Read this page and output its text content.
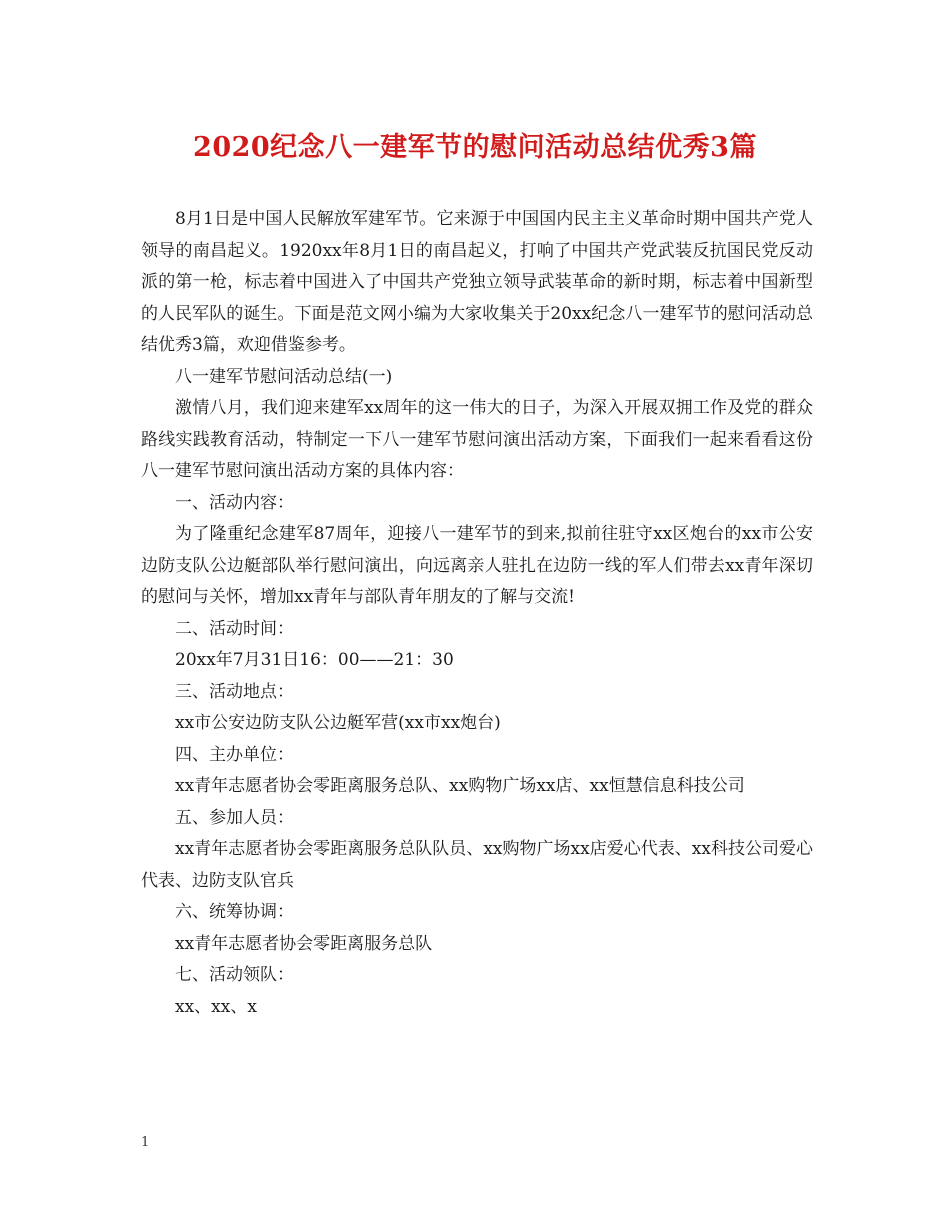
2020纪念八一建军节的慰问活动总结优秀3篇

8月1日是中国人民解放军建军节。它来源于中国国内民主主义革命时期中国共产党人领导的南昌起义。1920xx年8月1日的南昌起义，打响了中国共产党武装反抗国民党反动派的第一枪，标志着中国进入了中国共产党独立领导武装革命的新时期，标志着中国新型的人民军队的诞生。下面是范文网小编为大家收集关于20xx纪念八一建军节的慰问活动总结优秀3篇，欢迎借鉴参考。

八一建军节慰问活动总结(一)

激情八月，我们迎来建军xx周年的这一伟大的日子，为深入开展双拥工作及党的群众路线实践教育活动，特制定一下八一建军节慰问演出活动方案，下面我们一起来看看这份八一建军节慰问演出活动方案的具体内容：

一、活动内容：

为了隆重纪念建军87周年，迎接八一建军节的到来,拟前往驻守xx区炮台的xx市公安边防支队公边艇部队举行慰问演出，向远离亲人驻扎在边防一线的军人们带去xx青年深切的慰问与关怀，增加xx青年与部队青年朋友的了解与交流!

二、活动时间：

20xx年7月31日16：00——21：30

三、活动地点：

xx市公安边防支队公边艇军营(xx市xx炮台)

四、主办单位：

xx青年志愿者协会零距离服务总队、xx购物广场xx店、xx恒慧信息科技公司

五、参加人员：

xx青年志愿者协会零距离服务总队队员、xx购物广场xx店爱心代表、xx科技公司爱心代表、边防支队官兵

六、统筹协调：

xx青年志愿者协会零距离服务总队

七、活动领队：

xx、xx、x

1
